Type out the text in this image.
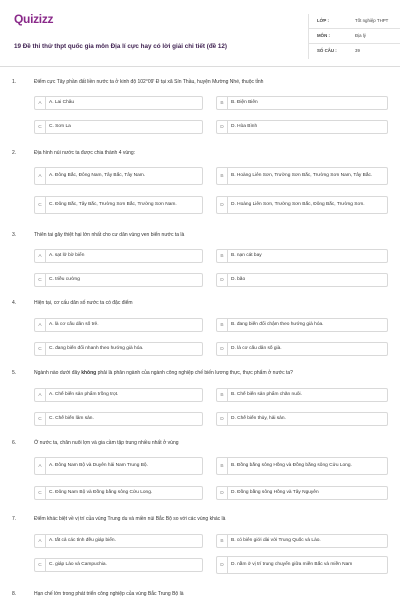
Quizizz
19 Đề thi thử thpt quốc gia môn Địa lí cực hay có lời giải chi tiết (đề 12)
LỚP :	Tốt nghiệp THPT
MÔN :	Địa lý
SỐ CÂU :	39
1.	Điểm cực Tây phần đất liền nước ta ở kinh độ 102°09' Đ tại xã Sín Thầu, huyện Mường Nhé, thuộc tỉnh
A	A. Lai Châu	B	B. Điện Biên
C	C. Sơn La	D	D. Hòa Bình
2.	Địa hình núi nước ta được chia thành 4 vùng:
A	A. Đông Bắc, Đông Nam, Tây Bắc, Tây Nam.	B	B. Hoàng Liên Sơn, Trường Sơn Bắc, Trường Sơn Nam, Tây Bắc.
C	C. Đông Bắc, Tây Bắc, Trường Sơn Bắc, Trường Sơn Nam.	D	D. Hoàng Liên Sơn, Trường Sơn Bắc, Đông Bắc, Trường Sơn.
3.	Thiên tai gây thiệt hại lớn nhất cho cư dân vùng ven biển nước ta là
A	A. sạt lở bờ biển	B	B. nạn cát bay
C	C. triều cường	D	D. bão
4.	Hiện tại, cơ cấu dân số nước ta có đặc điểm
A	A. là cơ cấu dân số trẻ.	B	B. đang biến đổi chậm theo hướng già hóa.
C	C. đang biến đổi nhanh theo hướng già hóa.	D	D. là cơ cấu dân số già.
5.	Ngành nào dưới đây không phải là phân ngành của ngành công nghiệp chế biến lương thực, thực phẩm ở nước ta?
A	A. Chế biến sản phẩm trồng trọt.	B	B. Chế biến sản phẩm chăn nuôi.
C	C. Chế biến lâm sản.	D	D. Chế biến thủy, hải sản.
6.	Ở nước ta, chăn nuôi lợn và gia cầm tập trung nhiều nhất ở vùng
A	A. Đông Nam Bộ và Duyên hải Nam Trung Bộ.	B	B. Đồng bằng sông Hồng và Đồng bằng sông Cửu Long.
C	C. Đông Nam Bộ và Đồng bằng sông Cửu Long.	D	D. Đồng bằng sông Hồng và Tây Nguyên
7.	Điểm khác biệt về vị trí của vùng Trung du và miền núi Bắc Bộ so với các vùng khác là
A	A. tất cả các tỉnh đều giáp biển.	B	B. có biên giới dài với Trung Quốc và Lào.
C	C. giáp Lào và Campuchia.	D	D. nằm ở vị trí trung chuyển giữa miền Bắc và miền Nam
8.	Hạn chế lớn trong phát triển công nghiệp của vùng Bắc Trung Bộ là
